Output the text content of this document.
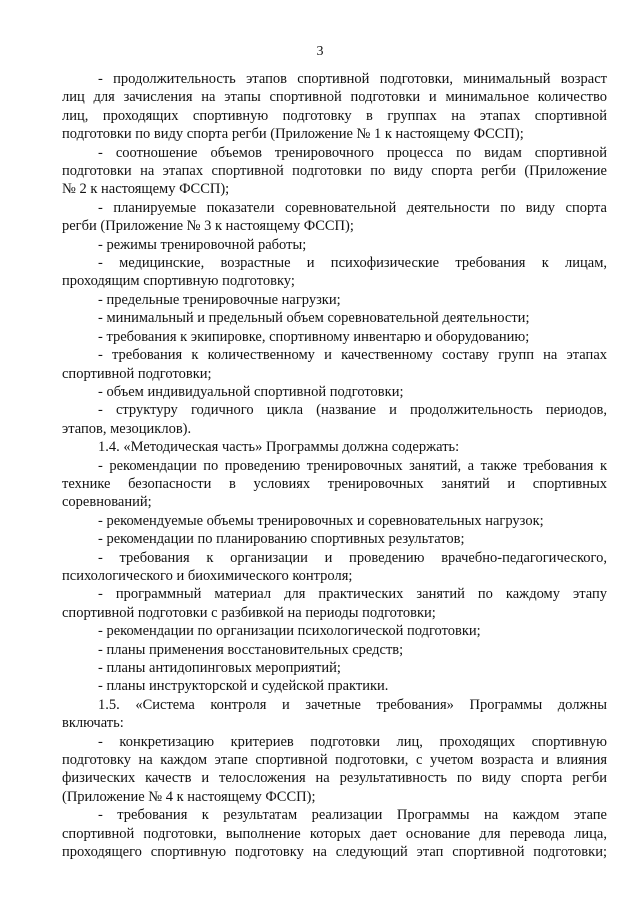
3

- продолжительность этапов спортивной подготовки, минимальный возраст

лиц для зачисления на этапы спортивной подготовки и минимальное количество

лиц, проходящих спортивную подготовку в группах на этапах спортивной

подготовки по виду спорта регби (Приложение № 1 к настоящему ФССП);

- соотношение объемов тренировочного процесса по видам спортивной

подготовки на этапах спортивной подготовки по виду спорта регби (Приложение

№ 2 к настоящему ФССП);

- планируемые показатели соревновательной деятельности по виду спорта

регби (Приложение № 3 к настоящему ФССП);

- режимы тренировочной работы;

- медицинские, возрастные и психофизические требования к лицам,

проходящим спортивную подготовку;

- предельные тренировочные нагрузки;

- минимальный и предельный объем соревновательной деятельности;

- требования к экипировке, спортивному инвентарю и оборудованию;

- требования к количественному и качественному составу групп на этапах

спортивной подготовки;

- объем индивидуальной спортивной подготовки;

- структуру годичного цикла (название и продолжительность периодов,

этапов, мезоциклов).

1.4. «Методическая часть» Программы должна содержать:

- рекомендации по проведению тренировочных занятий, а также требования к

технике безопасности в условиях тренировочных занятий и спортивных

соревнований;

- рекомендуемые объемы тренировочных и соревновательных нагрузок;

- рекомендации по планированию спортивных результатов;

- требования к организации и проведению врачебно-педагогического,

психологического и биохимического контроля;

- программный материал для практических занятий по каждому этапу

спортивной подготовки с разбивкой на периоды подготовки;

- рекомендации по организации психологической подготовки;

- планы применения восстановительных средств;

- планы антидопинговых мероприятий;

- планы инструкторской и судейской практики.

1.5. «Система контроля и зачетные требования» Программы должны

включать:

- конкретизацию критериев подготовки лиц, проходящих спортивную

подготовку на каждом этапе спортивной подготовки, с учетом возраста и влияния

физических качеств и телосложения на результативность по виду спорта регби

(Приложение № 4 к настоящему ФССП);

- требования к результатам реализации Программы на каждом этапе

спортивной подготовки, выполнение которых дает основание для перевода лица,

проходящего спортивную подготовку на следующий этап спортивной подготовки;
